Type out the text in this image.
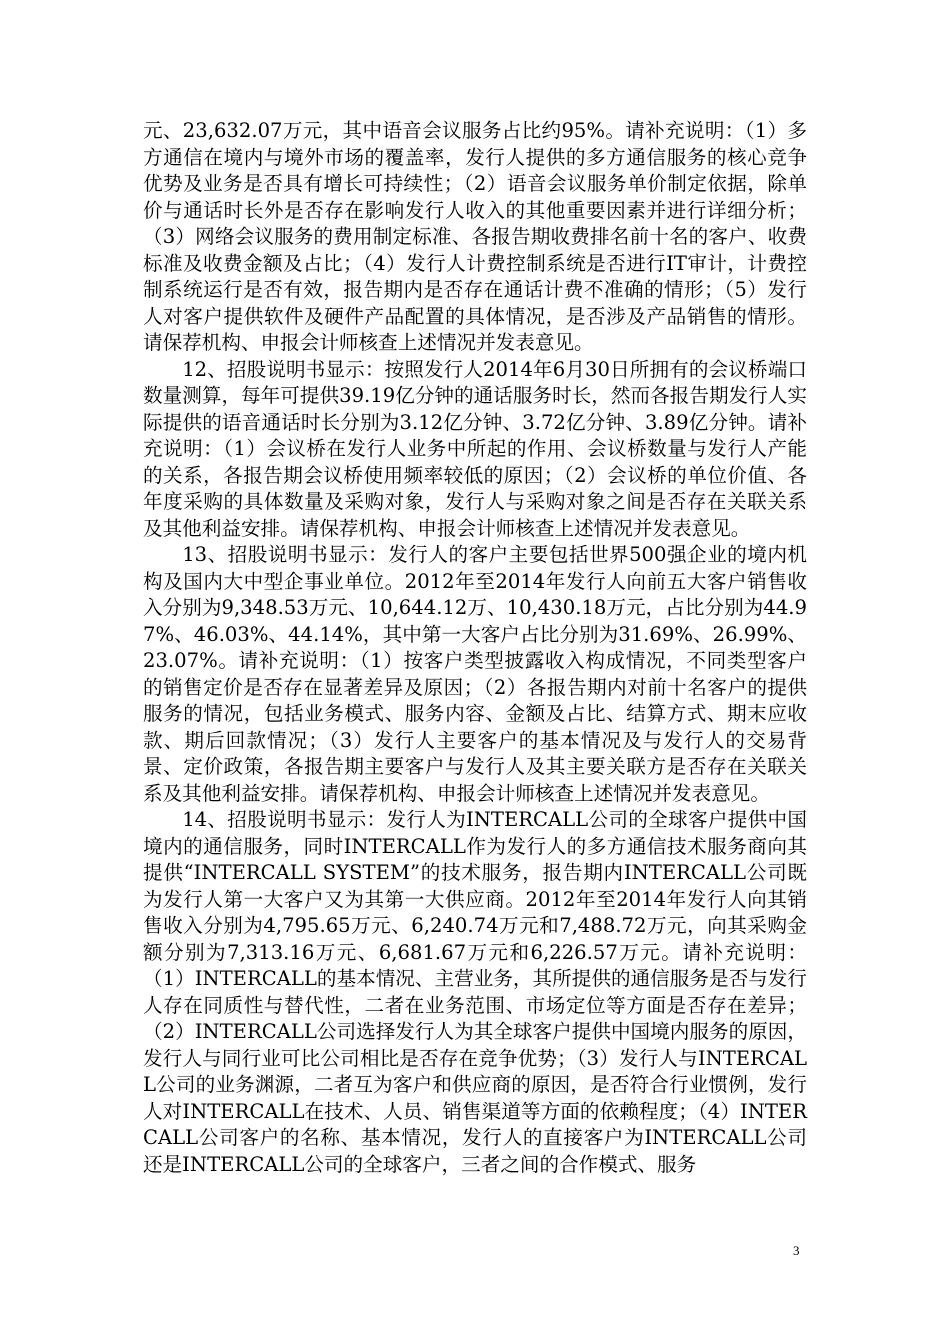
元、23,632.07万元，其中语音会议服务占比约95%。请补充说明：（1）多方通信在境内与境外市场的覆盖率，发行人提供的多方通信服务的核心竞争优势及业务是否具有增长可持续性；（2）语音会议服务单价制定依据，除单价与通话时长外是否存在影响发行人收入的其他重要因素并进行详细分析；（3）网络会议服务的费用制定标准、各报告期收费排名前十名的客户、收费标准及收费金额及占比；（4）发行人计费控制系统是否进行IT审计，计费控制系统运行是否有效，报告期内是否存在通话计费不准确的情形；（5）发行人对客户提供软件及硬件产品配置的具体情况，是否涉及产品销售的情形。请保荐机构、申报会计师核查上述情况并发表意见。

12、招股说明书显示：按照发行人2014年6月30日所拥有的会议桥端口数量测算，每年可提供39.19亿分钟的通话服务时长，然而各报告期发行人实际提供的语音通话时长分别为3.12亿分钟、3.72亿分钟、3.89亿分钟。请补充说明：（1）会议桥在发行人业务中所起的作用、会议桥数量与发行人产能的关系，各报告期会议桥使用频率较低的原因；（2）会议桥的单位价值、各年度采购的具体数量及采购对象，发行人与采购对象之间是否存在关联关系及其他利益安排。请保荐机构、申报会计师核查上述情况并发表意见。

13、招股说明书显示：发行人的客户主要包括世界500强企业的境内机构及国内大中型企事业单位。2012年至2014年发行人向前五大客户销售收入分别为9,348.53万元、10,644.12万、10,430.18万元，占比分别为44.97%、46.03%、44.14%，其中第一大客户占比分别为31.69%、26.99%、23.07%。请补充说明：（1）按客户类型披露收入构成情况，不同类型客户的销售定价是否存在显著差异及原因；（2）各报告期内对前十名客户的提供服务的情况，包括业务模式、服务内容、金额及占比、结算方式、期末应收款、期后回款情况；（3）发行人主要客户的基本情况及与发行人的交易背景、定价政策，各报告期主要客户与发行人及其主要关联方是否存在关联关系及其他利益安排。请保荐机构、申报会计师核查上述情况并发表意见。

14、招股说明书显示：发行人为INTERCALL公司的全球客户提供中国境内的通信服务，同时INTERCALL作为发行人的多方通信技术服务商向其提供“INTERCALL SYSTEM”的技术服务，报告期内INTERCALL公司既为发行人第一大客户又为其第一大供应商。2012年至2014年发行人向其销售收入分别为4,795.65万元、6,240.74万元和7,488.72万元，向其采购金额分别为7,313.16万元、6,681.67万元和6,226.57万元。请补充说明：（1）INTERCALL的基本情况、主营业务，其所提供的通信服务是否与发行人存在同质性与替代性，二者在业务范围、市场定位等方面是否存在差异；（2）INTERCALL公司选择发行人为其全球客户提供中国境内服务的原因，发行人与同行业可比公司相比是否存在竞争优势；（3）发行人与INTERCALL公司的业务渊源，二者互为客户和供应商的原因，是否符合行业惯例，发行人对INTERCALL在技术、人员、销售渠道等方面的依赖程度；（4）INTERCALL公司客户的名称、基本情况，发行人的直接客户为INTERCALL公司还是INTERCALL公司的全球客户，三者之间的合作模式、服务

3
